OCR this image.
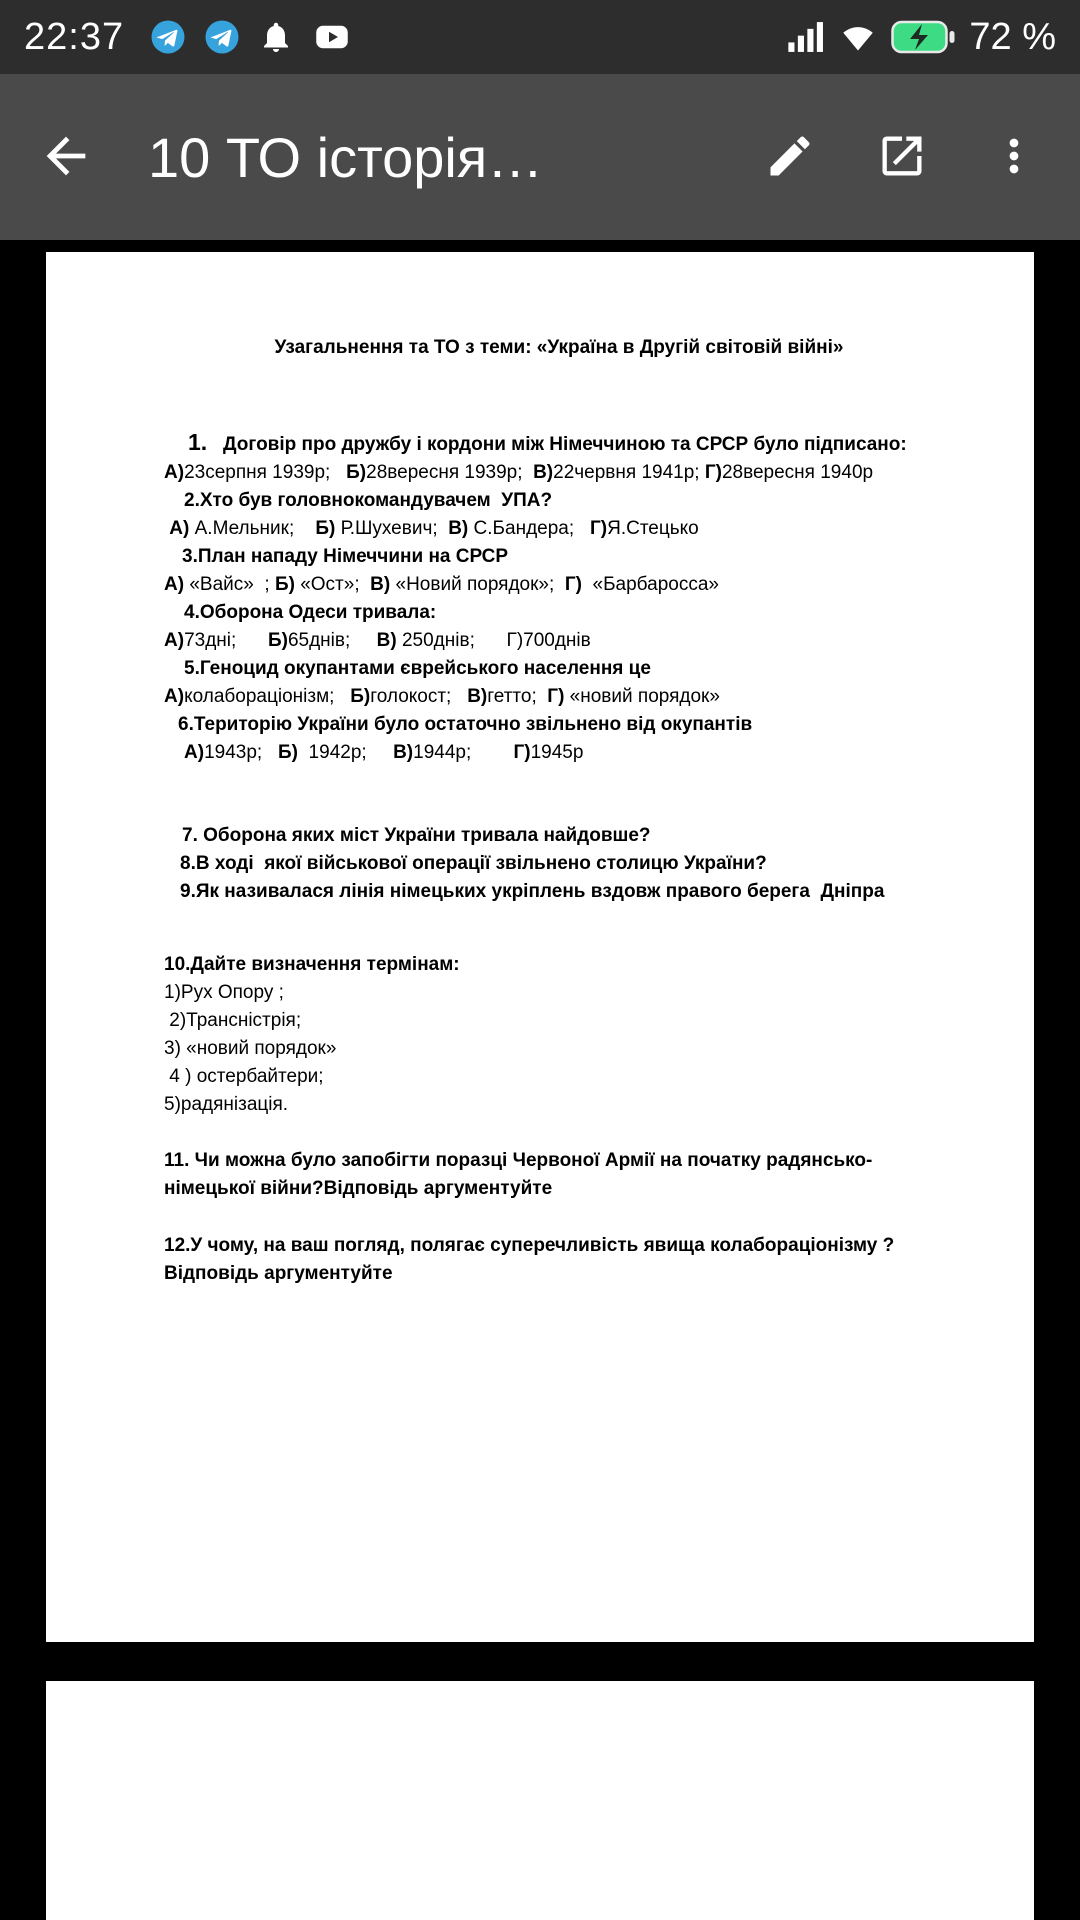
22:37	72 %
10 ТО історія…
Узагальнення та ТО з теми: «Україна в Другій світовій війні»
1. Договір про дружбу і кордони між Німеччиною та СРСР було підписано:
А)23серпня 1939р;   Б)28вересня 1939р;  В)22червня 1941р; Г)28вересня 1940р
2.Хто був головнокомандувачем  УПА?
А) А.Мельник;    Б) Р.Шухевич;  В) С.Бандера;   Г)Я.Стецько
3.План нападу Німеччини на СРСР
А) «Вайс»  ; Б) «Ост»;  В) «Новий порядок»;  Г)  «Барбаросса»
4.Оборона Одеси тривала:
А)73дні;      Б)65днів;     В) 250днів;      Г)700днів
5.Геноцид окупантами єврейського населення це
А)колабораціонізм;   Б)голокост;   В)гетто;  Г) «новий порядок»
6.Територію України було остаточно звільнено від окупантів
А)1943р;   Б)  1942р;     В)1944р;        Г)1945р
7. Оборона яких міст України тривала найдовше?
8.В ході  якої військової операції звільнено столицю України?
9.Як називалася лінія німецьких укріплень вздовж правого берега  Дніпра
10.Дайте визначення термінам:
1)Рух Опору ;
2)Трансністрія;
3) «новий порядок»
4 ) остербайтери;
5)радянізація.
11. Чи можна було запобігти поразці Червоної Армії на початку радянсько-німецької війни?Відповідь аргументуйте
12.У чому, на ваш погляд, полягає суперечливість явища колабораціонізму ?Відповідь аргументуйте
